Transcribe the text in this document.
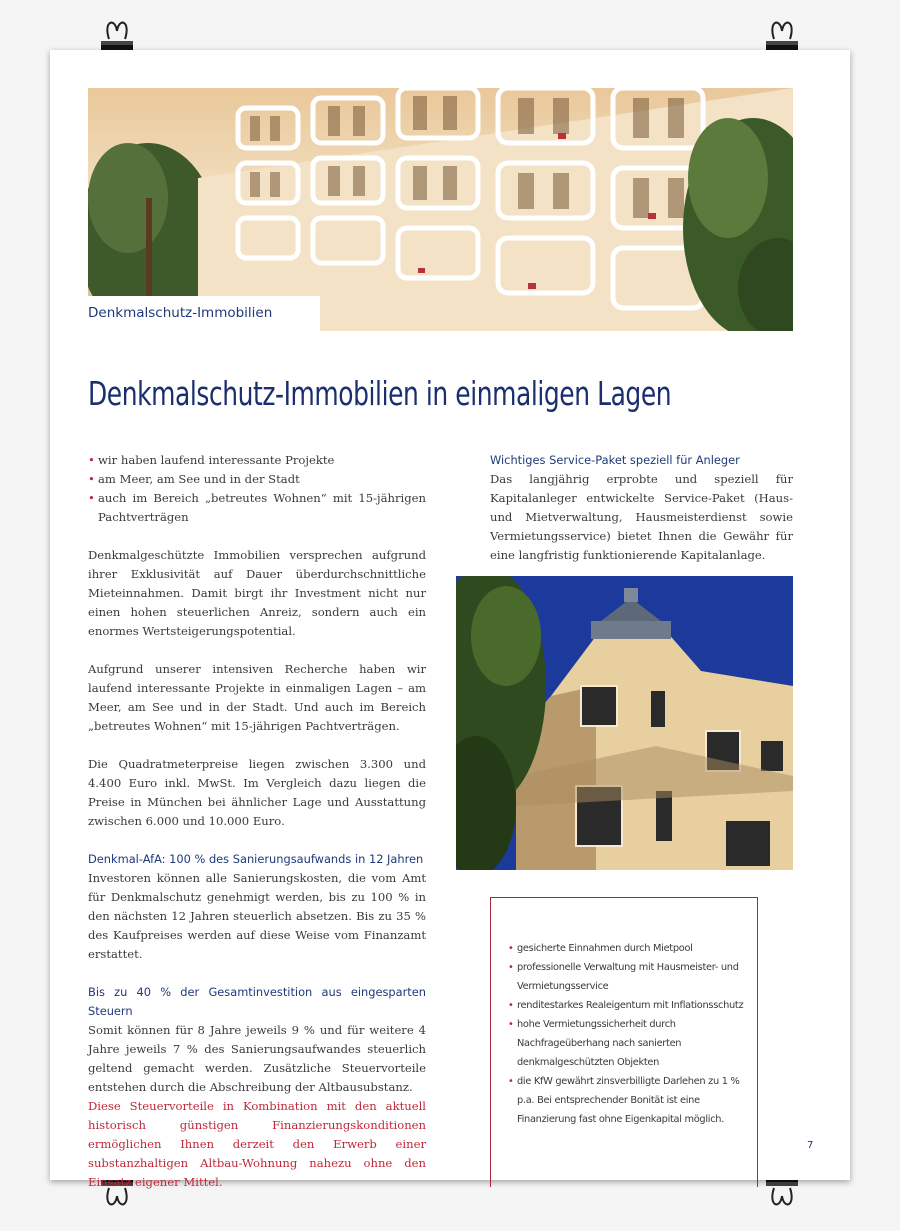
Denkmalschutz-Immobilien
Denkmalschutz-Immobilien in einmaligen Lagen
• wir haben laufend interessante Projekte
• am Meer, am See und in der Stadt
• auch im Bereich „betreutes Wohnen“ mit 15-jährigen Pachtverträgen

Denkmalgeschützte Immobilien versprechen aufgrund ihrer Exklusivität auf Dauer überdurchschnittliche Mieteinnahmen. Damit birgt ihr Investment nicht nur einen hohen steuerlichen Anreiz, sondern auch ein enormes Wertsteigerungspotential.

Aufgrund unserer intensiven Recherche haben wir laufend interessante Projekte in einmaligen Lagen – am Meer, am See und in der Stadt. Und auch im Bereich „betreutes Wohnen“ mit 15-jährigen Pachtverträgen.

Die Quadratmeterpreise liegen zwischen 3.300 und 4.400 Euro inkl. MwSt. Im Vergleich dazu liegen die Preise in München bei ähnlicher Lage und Ausstattung zwischen 6.000 und 10.000 Euro.

Denkmal-AfA: 100 % des Sanierungsaufwands in 12 Jahren

Investoren können alle Sanierungskosten, die vom Amt für Denkmalschutz genehmigt werden, bis zu 100 % in den nächsten 12 Jahren steuerlich absetzen. Bis zu 35 % des Kaufpreises werden auf diese Weise vom Finanzamt erstattet.

Bis zu 40 % der Gesamtinvestition aus eingesparten Steuern

Somit können für 8 Jahre jeweils 9 % und für weitere 4 Jahre jeweils 7 % des Sanierungsaufwandes steuerlich geltend gemacht werden. Zusätzliche Steuervorteile entstehen durch die Abschreibung der Altbausubstanz.

Diese Steuervorteile in Kombination mit den aktuell historisch günstigen Finanzierungskonditionen ermöglichen Ihnen derzeit den Erwerb einer substanzhaltigen Altbau-Wohnung nahezu ohne den Einsatz eigener Mittel.

Wichtiges Service-Paket speziell für Anleger

Das langjährig erprobte und speziell für Kapitalanleger entwickelte Service-Paket (Haus- und Mietverwaltung, Hausmeisterdienst sowie Vermietungsservice) bietet Ihnen die Gewähr für eine langfristig funktionierende Kapitalanlage.

• gesicherte Einnahmen durch Mietpool
• professionelle Verwaltung mit Hausmeister- und Vermietungsservice
• renditestarkes Realeigentum mit Inflationsschutz
• hohe Vermietungssicherheit durch Nachfrageüberhang nach sanierten denkmalgeschützten Objekten
• die KfW gewährt zinsverbilligte Darlehen zu 1 % p.a. Bei entsprechender Bonität ist eine Finanzierung fast ohne Eigenkapital möglich.
7
